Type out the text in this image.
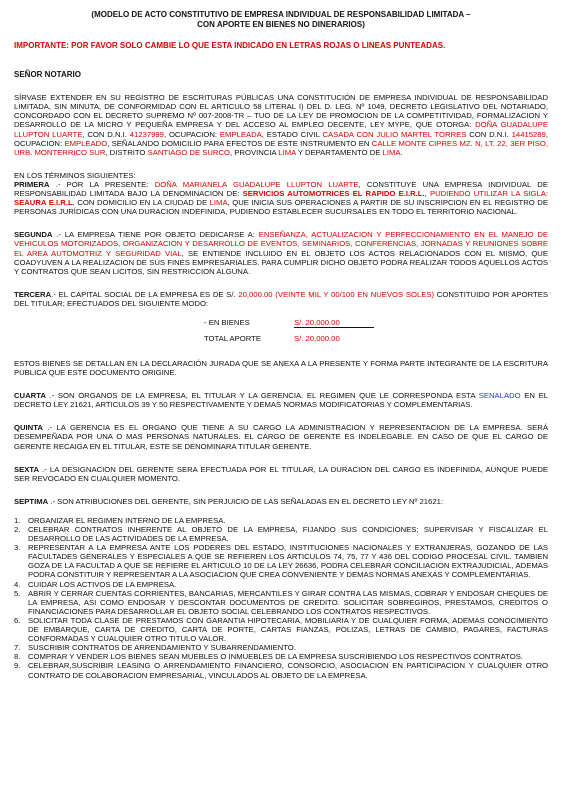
(MODELO DE ACTO CONSTITUTIVO DE EMPRESA INDIVIDUAL DE RESPONSABILIDAD LIMITADA –
CON APORTE EN BIENES NO DINERARIOS)
IMPORTANTE: POR FAVOR SOLO CAMBIE LO QUE ESTA INDICADO EN LETRAS ROJAS O LINEAS PUNTEADAS.
SEÑOR NOTARIO

SÍRVASE EXTENDER EN SU REGISTRO DE ESCRITURAS PÚBLICAS UNA CONSTITUCIÓN DE EMPRESA INDIVIDUAL DE RESPONSABILIDAD LIMITADA, SIN MINUTA, DE CONFORMIDAD CON EL ARTICULO 58 LITERAL I) DEL D. LEG. Nº 1049, DECRETO LEGISLATIVO DEL NOTARIADO, CONCORDADO CON EL DECRETO SUPREMO Nº 007-2008-TR – TUO DE LA LEY DE PROMOCION DE LA COMPETITIVIDAD, FORMALIZACION Y DESARROLLO DE LA MICRO Y PEQUEÑA EMPRESA Y DEL ACCESO AL EMPLEO DECENTE, LEY MYPE, QUE OTORGA: DOÑA GUADALUPE LLUPTON LUARTE, CON D.N.I. 41237999, OCUPACION: EMPLEADA, ESTADO CIVIL CASADA CON JULIO MARTEL TORRES CON D.N.I. 14415289, OCUPACION: EMPLEADO, SEÑALANDO DOMICILIO PARA EFECTOS DE ESTE INSTRUMENTO EN CALLE MONTE CIPRES MZ. N, LT. 22, 3ER PISO, URB. MONTERRICO SUR, DISTRITO SANTIAGO DE SURCO, PROVINCIA LIMA Y DEPARTAMENTO DE LIMA.

EN LOS TÉRMINOS SIGUIENTES:

PRIMERA .- POR LA PRESENTE: DOÑA MARIANELA GUADALUPE LLUPTON LUARTE, CONSTITUYE UNA EMPRESA INDIVIDUAL DE RESPONSABILIDAD LIMITADA BAJO LA DENOMINACION DE: SERVICIOS AUTOMOTRICES EL RAPIDO E.I.R.L., PUDIENDO UTILIZAR LA SIGLA: SEAURA E.I.R.L, CON DOMICILIO EN LA CIUDAD DE LIMA, QUE INICIA SUS OPERACIONES A PARTIR DE SU INSCRIPCION EN EL REGISTRO DE PERSONAS JURÍDICAS CON UNA DURACION INDEFINIDA, PUDIENDO ESTABLECER SUCURSALES EN TODO EL TERRITORIO NACIONAL.

SEGUNDA .- LA EMPRESA TIENE POR OBJETO DEDICARSE A: ENSEÑANZA, ACTUALIZACION Y PERFECCIONAMIENTO EN EL MANEJO DE VEHICULOS MOTORIZADOS, ORGANIZACION Y DESARROLLO DE EVENTOS, SEMINARIOS, CONFERENCIAS, JORNADAS Y REUNIONES SOBRE EL AREA AUTOMOTRIZ Y SEGURIDAD VIAL, SE ENTIENDE INCLUIDO EN EL OBJETO LOS ACTOS RELACIONADOS CON EL MISMO, QUE COADYUVEN A LA REALIZACION DE SUS FINES EMPRESARIALES. PARA CUMPLIR DICHO OBJETO PODRA REALIZAR TODOS AQUELLOS ACTOS Y CONTRATOS QUE SEAN LICITOS, SIN RESTRICCION ALGUNA.

TERCERA.- EL CAPITAL SOCIAL DE LA EMPRESA ES DE S/. 20,000.00 (VEINTE MIL Y 00/100 EN NUEVOS SOLES) CONSTITUIDO POR APORTES DEL TITULAR; EFECTUADOS DEL SIGUIENTE MODO:

- EN BIENES	S/. 20,000.00
TOTAL APORTE	S/. 20,000.00

ESTOS BIENES SE DETALLAN EN LA DECLARACIÓN JURADA QUE SE ANEXA A LA PRESENTE Y FORMA PARTE INTEGRANTE DE LA ESCRITURA PUBLICA QUE ESTE DOCUMENTO ORIGINE.

CUARTA .- SON ORGANOS DE LA EMPRESA, EL TITULAR Y LA GERENCIA. EL REGIMEN QUE LE CORRESPONDA ESTA SENALADO EN EL DECRETO LEY 21621, ARTICULOS 39 Y 50 RESPECTIVAMENTE Y DEMAS NORMAS MODIFICATORIAS Y COMPLEMENTARIAS.

QUINTA .- LA GERENCIA ES EL ORGANO QUE TIENE A SU CARGO LA ADMINISTRACION Y REPRESENTACION DE LA EMPRESA. SERÁ DESEMPEÑADA POR UNA O MAS PERSONAS NATURALES. EL CARGO DE GERENTE ES INDELEGABLE. EN CASO DE QUE EL CARGO DE GERENTE RECAIGA EN EL TITULAR, ESTE SE DENOMINARA TITULAR GERENTE.

SEXTA .- LA DESIGNACION DEL GERENTE SERA EFECTUADA POR EL TITULAR, LA DURACION DEL CARGO ES INDEFINIDA, AUNQUE PUEDE SER REVOCADO EN CUALQUIER MOMENTO.

SEPTIMA .- SON ATRIBUCIONES DEL GERENTE, SIN PERJUICIO DE LAS SEÑALADAS EN EL DECRETO LEY Nº 21621:

1. ORGANIZAR EL REGIMEN INTERNO DE LA EMPRESA.
2. CELEBRAR CONTRATOS INHERENTE AL OBJETO DE LA EMPRESA, FIJANDO SUS CONDICIONES; SUPERVISAR Y FISCALIZAR EL DESARROLLO DE LAS ACTIVIDADES DE LA EMPRESA.
3. REPRESENTAR A LA EMPRESA ANTE LOS PODERES DEL ESTADO, INSTITUCIONES NACIONALES Y EXTRANJERAS, GOZANDO DE LAS FACULTADES GENERALES Y ESPECIALES A QUE SE REFIEREN LOS ARTICULOS 74, 75, 77 Y 436 DEL CODIGO PROCESAL CIVIL. TAMBIEN GOZA DE LA FACULTAD A QUE SE REFIERE EL ARTICULO 10 DE LA LEY 26636, PODRA CELEBRAR CONCILIACION EXTRAJUDICIAL, ADEMAS PODRA CONSTITUIR Y REPRESENTAR A LA ASOCIACION QUE CREA CONVENIENTE Y DEMAS NORMAS ANEXAS Y COMPLEMENTARIAS.
4. CUIDAR LOS ACTIVOS DE LA EMPRESA.
5. ABRIR Y CERRAR CUENTAS CORRIENTES, BANCARIAS, MERCANTILES Y GIRAR CONTRA LAS MISMAS, COBRAR Y ENDOSAR CHEQUES DE LA EMPRESA, ASI COMO ENDOSAR Y DESCONTAR DOCUMENTOS DE CREDITO. SOLICITAR SOBREGIROS, PRESTAMOS, CREDITOS O FINANCIACIONES PARA DESARROLLAR EL OBJETO SOCIAL CELEBRANDO LOS CONTRATOS RESPECTIVOS.
6. SOLICITAR TODA CLASE DE PRESTAMOS CON GARANTIA HIPOTECARIA, MOBILIARIA Y DE CUALQUIER FORMA, ADEMAS CONOCIMIENTO DE EMBARQUE, CARTA DE CREDITO, CARTA DE PORTE, CARTAS FIANZAS, POLIZAS, LETRAS DE CAMBIO, PAGARES, FACTURAS CONFORMADAS Y CUALQUIER OTRO TITULO VALOR.
7. SUSCRIBIR CONTRATOS DE ARRENDAMIENTO Y SUBARRENDAMIENTO.
8. COMPRAR Y VENDER LOS BIENES SEAN MUEBLES O INMUEBLES DE LA EMPRESA SUSCRIBIENDO LOS RESPECTIVOS CONTRATOS.
9. CELEBRAR,SUSCRIBIR LEASING O ARRENDAMIENTO FINANCIERO, CONSORCIO, ASOCIACION EN PARTICIPACION Y CUALQUIER OTRO CONTRATO DE COLABORACION EMPRESARIAL, VINCULADOS AL OBJETO DE LA EMPRESA.
